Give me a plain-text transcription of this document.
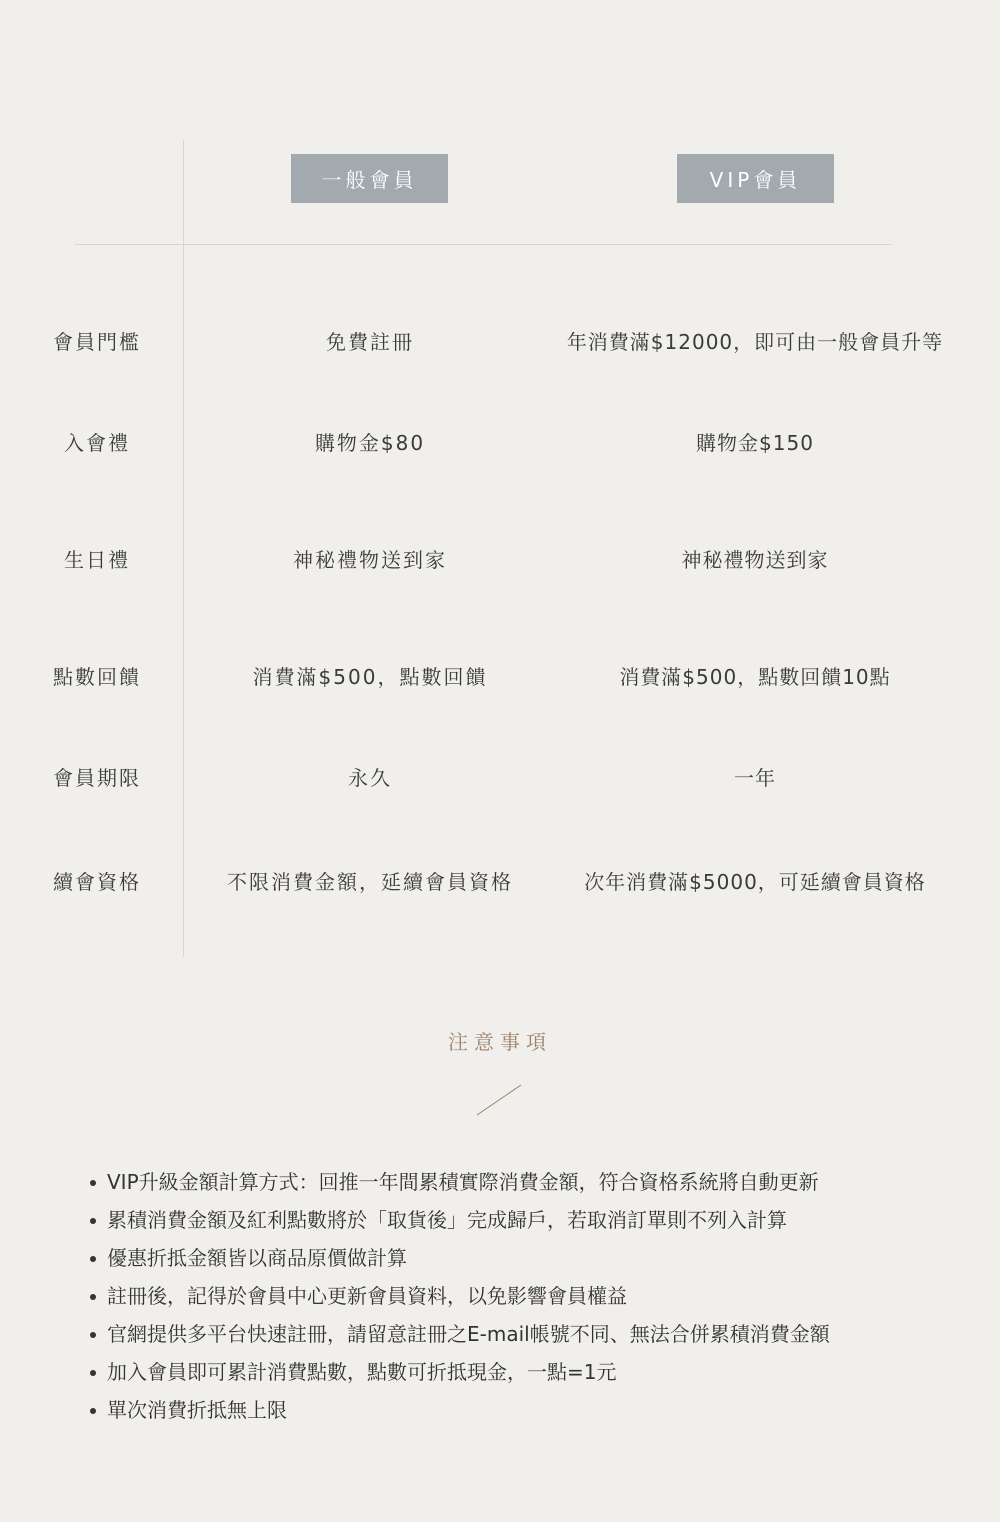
一般會員	VIP會員
會員門檻	免費註冊	年消費滿$12000，即可由一般會員升等
入會禮	購物金$80	購物金$150
生日禮	神秘禮物送到家	神秘禮物送到家
點數回饋	消費滿$500，點數回饋	消費滿$500，點數回饋10點
會員期限	永久	一年
續會資格	不限消費金額，延續會員資格	次年消費滿$5000，可延續會員資格
注意事項
VIP升級金額計算方式：回推一年間累積實際消費金額，符合資格系統將自動更新
累積消費金額及紅利點數將於「取貨後」完成歸戶，若取消訂單則不列入計算
優惠折抵金額皆以商品原價做計算
註冊後，記得於會員中心更新會員資料，以免影響會員權益
官網提供多平台快速註冊，請留意註冊之E-mail帳號不同、無法合併累積消費金額
加入會員即可累計消費點數，點數可折抵現金，一點=1元
單次消費折抵無上限
